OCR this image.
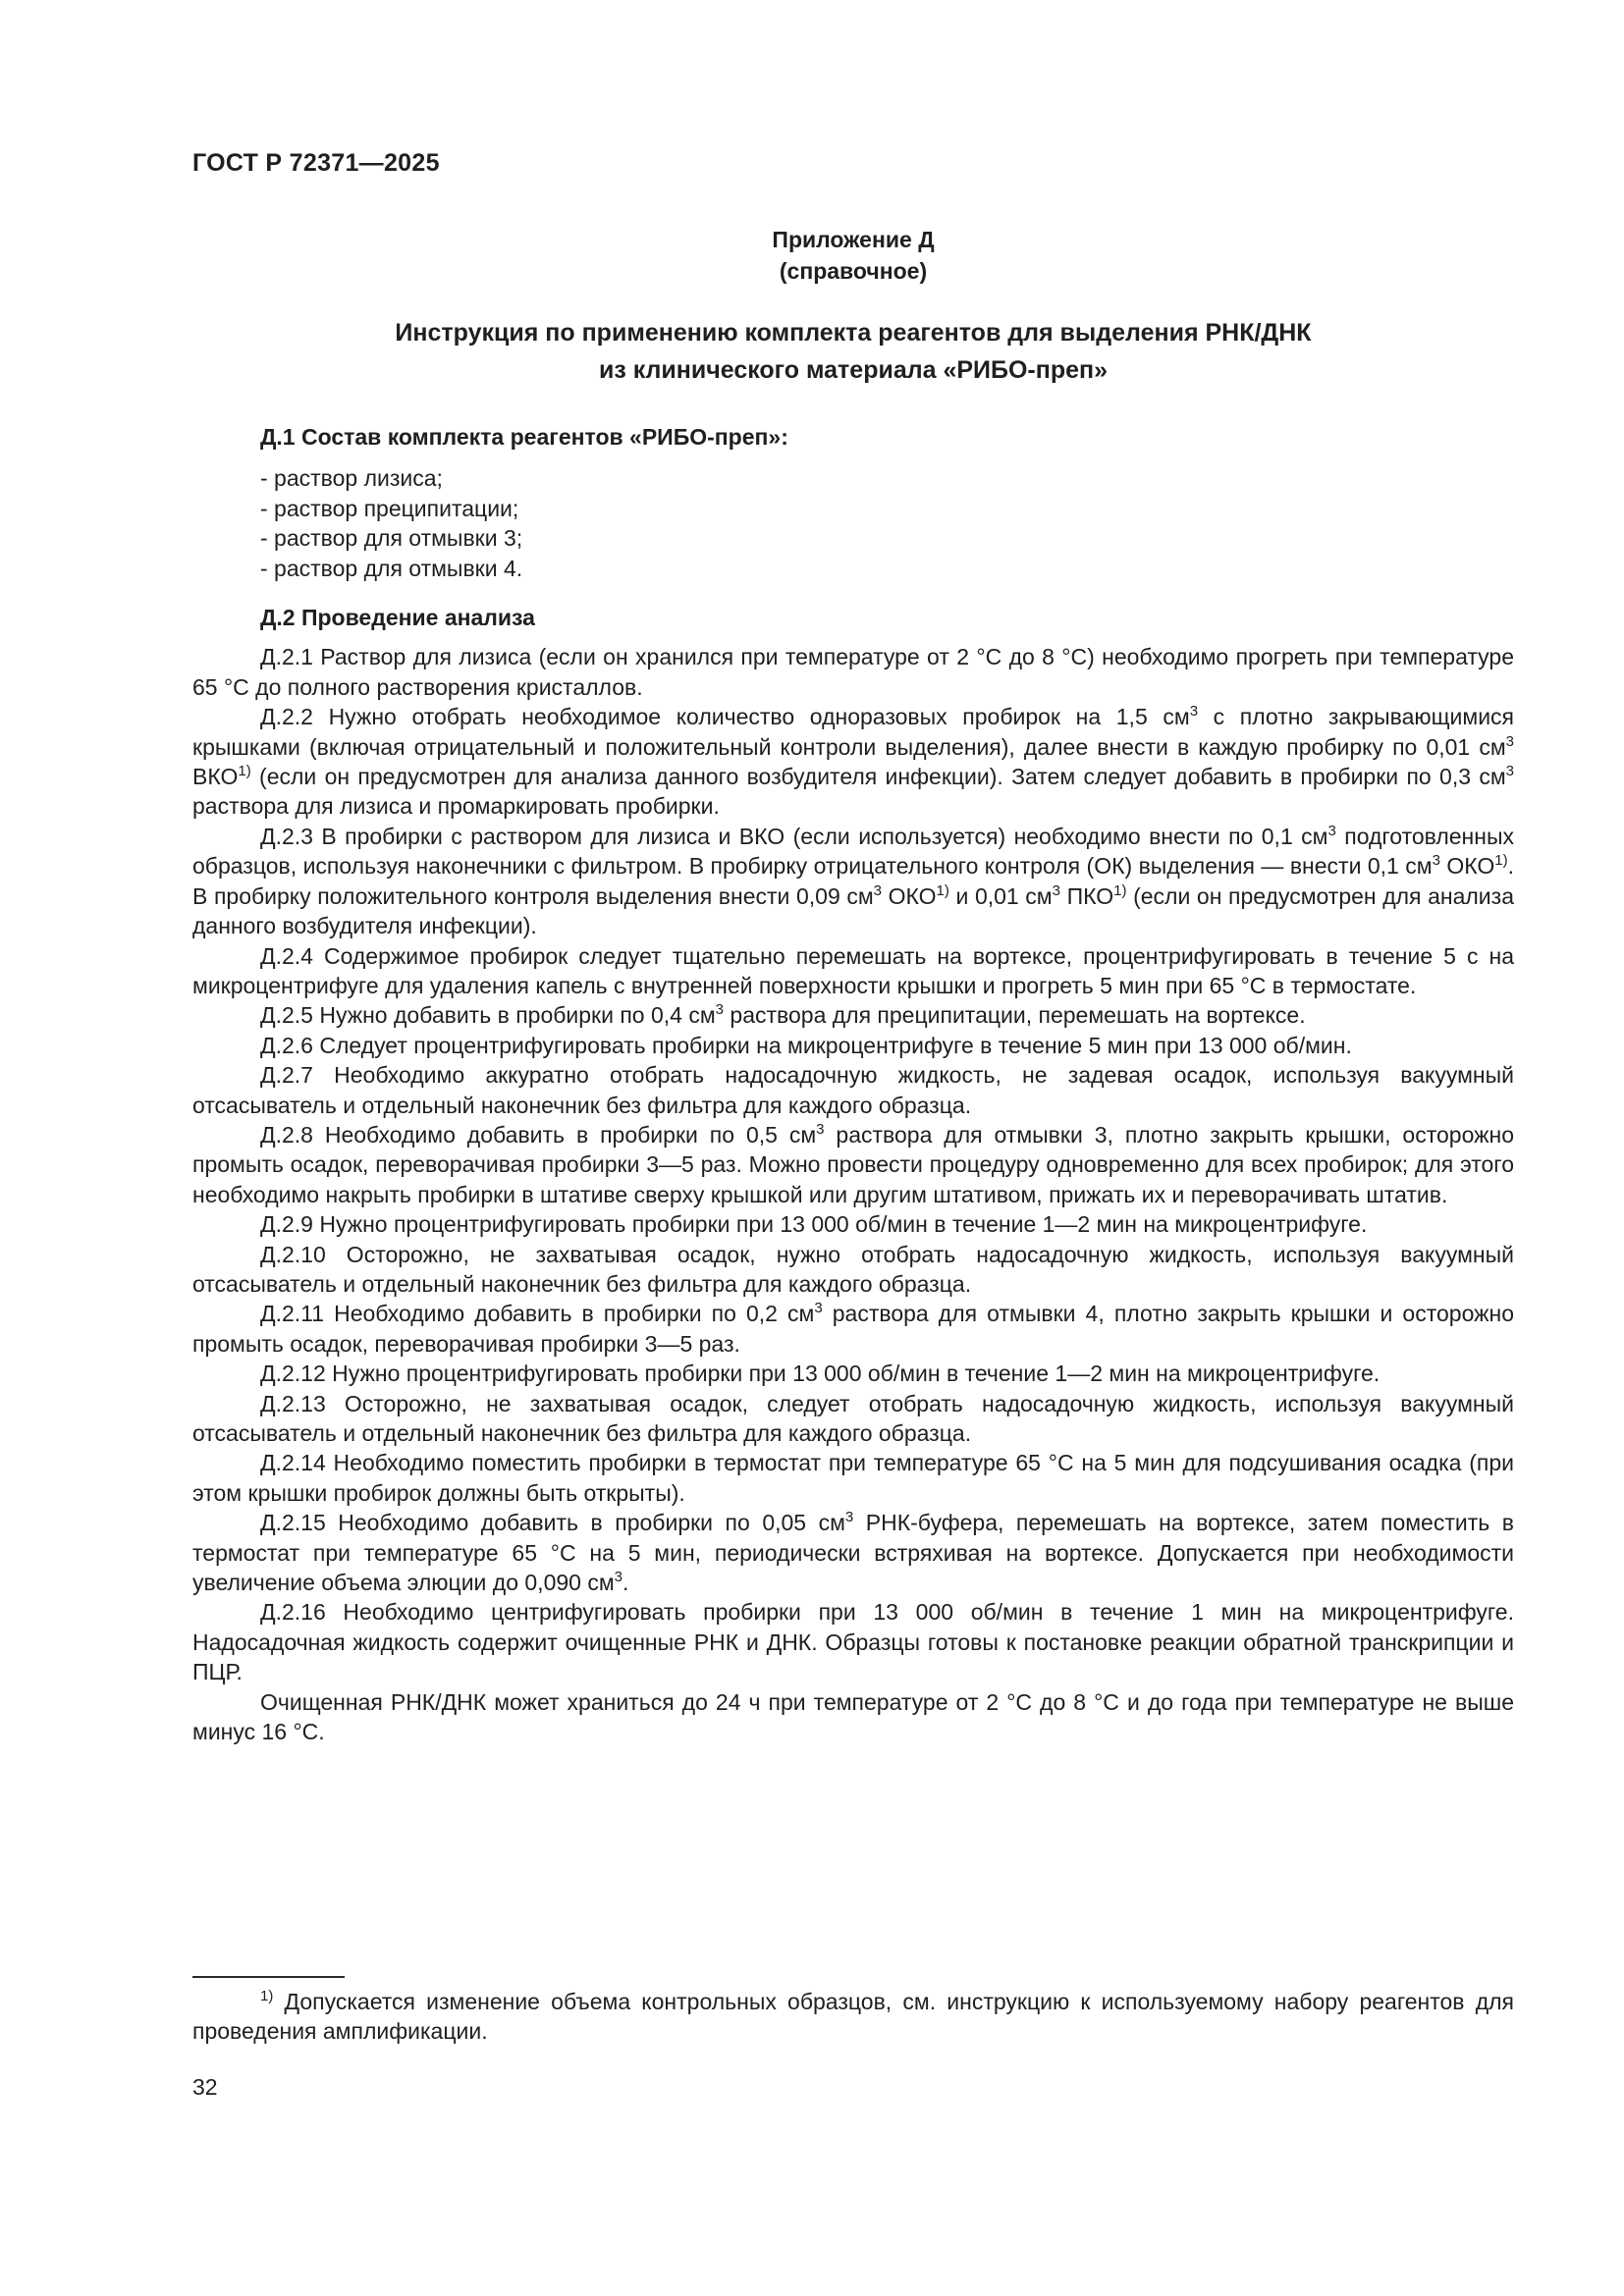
ГОСТ Р 72371—2025
Приложение Д
(справочное)
Инструкция по применению комплекта реагентов для выделения РНК/ДНК
из клинического материала «РИБО-преп»
Д.1 Состав комплекта реагентов «РИБО-преп»:
- раствор лизиса;
- раствор преципитации;
- раствор для отмывки 3;
- раствор для отмывки 4.
Д.2 Проведение анализа

Д.2.1 Раствор для лизиса (если он хранился при температуре от 2 °С до 8 °С) необходимо прогреть при температуре 65 °С до полного растворения кристаллов.

Д.2.2 Нужно отобрать необходимое количество одноразовых пробирок на 1,5 $см^3$ с плотно закрывающимися крышками (включая отрицательный и положительный контроли выделения), далее внести в каждую пробирку по 0,01 $см^3$ ВКО$^{1)}$ (если он предусмотрен для анализа данного возбудителя инфекции). Затем следует добавить в пробирки по 0,3 $см^3$ раствора для лизиса и промаркировать пробирки.

Д.2.3 В пробирки с раствором для лизиса и ВКО (если используется) необходимо внести по 0,1 $см^3$ подготовленных образцов, используя наконечники с фильтром. В пробирку отрицательного контроля (ОК) выделения — внести 0,1 $см^3$ ОКО$^{1)}$. В пробирку положительного контроля выделения внести 0,09 $см^3$ ОКО$^{1)}$ и 0,01 $см^3$ ПКО$^{1)}$ (если он предусмотрен для анализа данного возбудителя инфекции).

Д.2.4 Содержимое пробирок следует тщательно перемешать на вортексе, процентрифугировать в течение 5 с на микроцентрифуге для удаления капель с внутренней поверхности крышки и прогреть 5 мин при 65 °С в термостате.

Д.2.5 Нужно добавить в пробирки по 0,4 $см^3$ раствора для преципитации, перемешать на вортексе.

Д.2.6 Следует процентрифугировать пробирки на микроцентрифуге в течение 5 мин при 13 000 об/мин.

Д.2.7 Необходимо аккуратно отобрать надосадочную жидкость, не задевая осадок, используя вакуумный отсасыватель и отдельный наконечник без фильтра для каждого образца.

Д.2.8 Необходимо добавить в пробирки по 0,5 $см^3$ раствора для отмывки 3, плотно закрыть крышки, осторожно промыть осадок, переворачивая пробирки 3—5 раз. Можно провести процедуру одновременно для всех пробирок; для этого необходимо накрыть пробирки в штативе сверху крышкой или другим штативом, прижать их и переворачивать штатив.

Д.2.9 Нужно процентрифугировать пробирки при 13 000 об/мин в течение 1—2 мин на микроцентрифуге.

Д.2.10 Осторожно, не захватывая осадок, нужно отобрать надосадочную жидкость, используя вакуумный отсасыватель и отдельный наконечник без фильтра для каждого образца.

Д.2.11 Необходимо добавить в пробирки по 0,2 $см^3$ раствора для отмывки 4, плотно закрыть крышки и осторожно промыть осадок, переворачивая пробирки 3—5 раз.

Д.2.12 Нужно процентрифугировать пробирки при 13 000 об/мин в течение 1—2 мин на микроцентрифуге.

Д.2.13 Осторожно, не захватывая осадок, следует отобрать надосадочную жидкость, используя вакуумный отсасыватель и отдельный наконечник без фильтра для каждого образца.

Д.2.14 Необходимо поместить пробирки в термостат при температуре 65 °С на 5 мин для подсушивания осадка (при этом крышки пробирок должны быть открыты).

Д.2.15 Необходимо добавить в пробирки по 0,05 $см^3$ РНК-буфера, перемешать на вортексе, затем поместить в термостат при температуре 65 °С на 5 мин, периодически встряхивая на вортексе. Допускается при необходимости увеличение объема элюции до 0,090 $см^3$.

Д.2.16 Необходимо центрифугировать пробирки при 13 000 об/мин в течение 1 мин на микроцентрифуге. Надосадочная жидкость содержит очищенные РНК и ДНК. Образцы готовы к постановке реакции обратной транскрипции и ПЦР.

Очищенная РНК/ДНК может храниться до 24 ч при температуре от 2 °С до 8 °С и до года при температуре не выше минус 16 °С.

$^{1)}$ Допускается изменение объема контрольных образцов, см. инструкцию к используемому набору реагентов для проведения амплификации.

32
